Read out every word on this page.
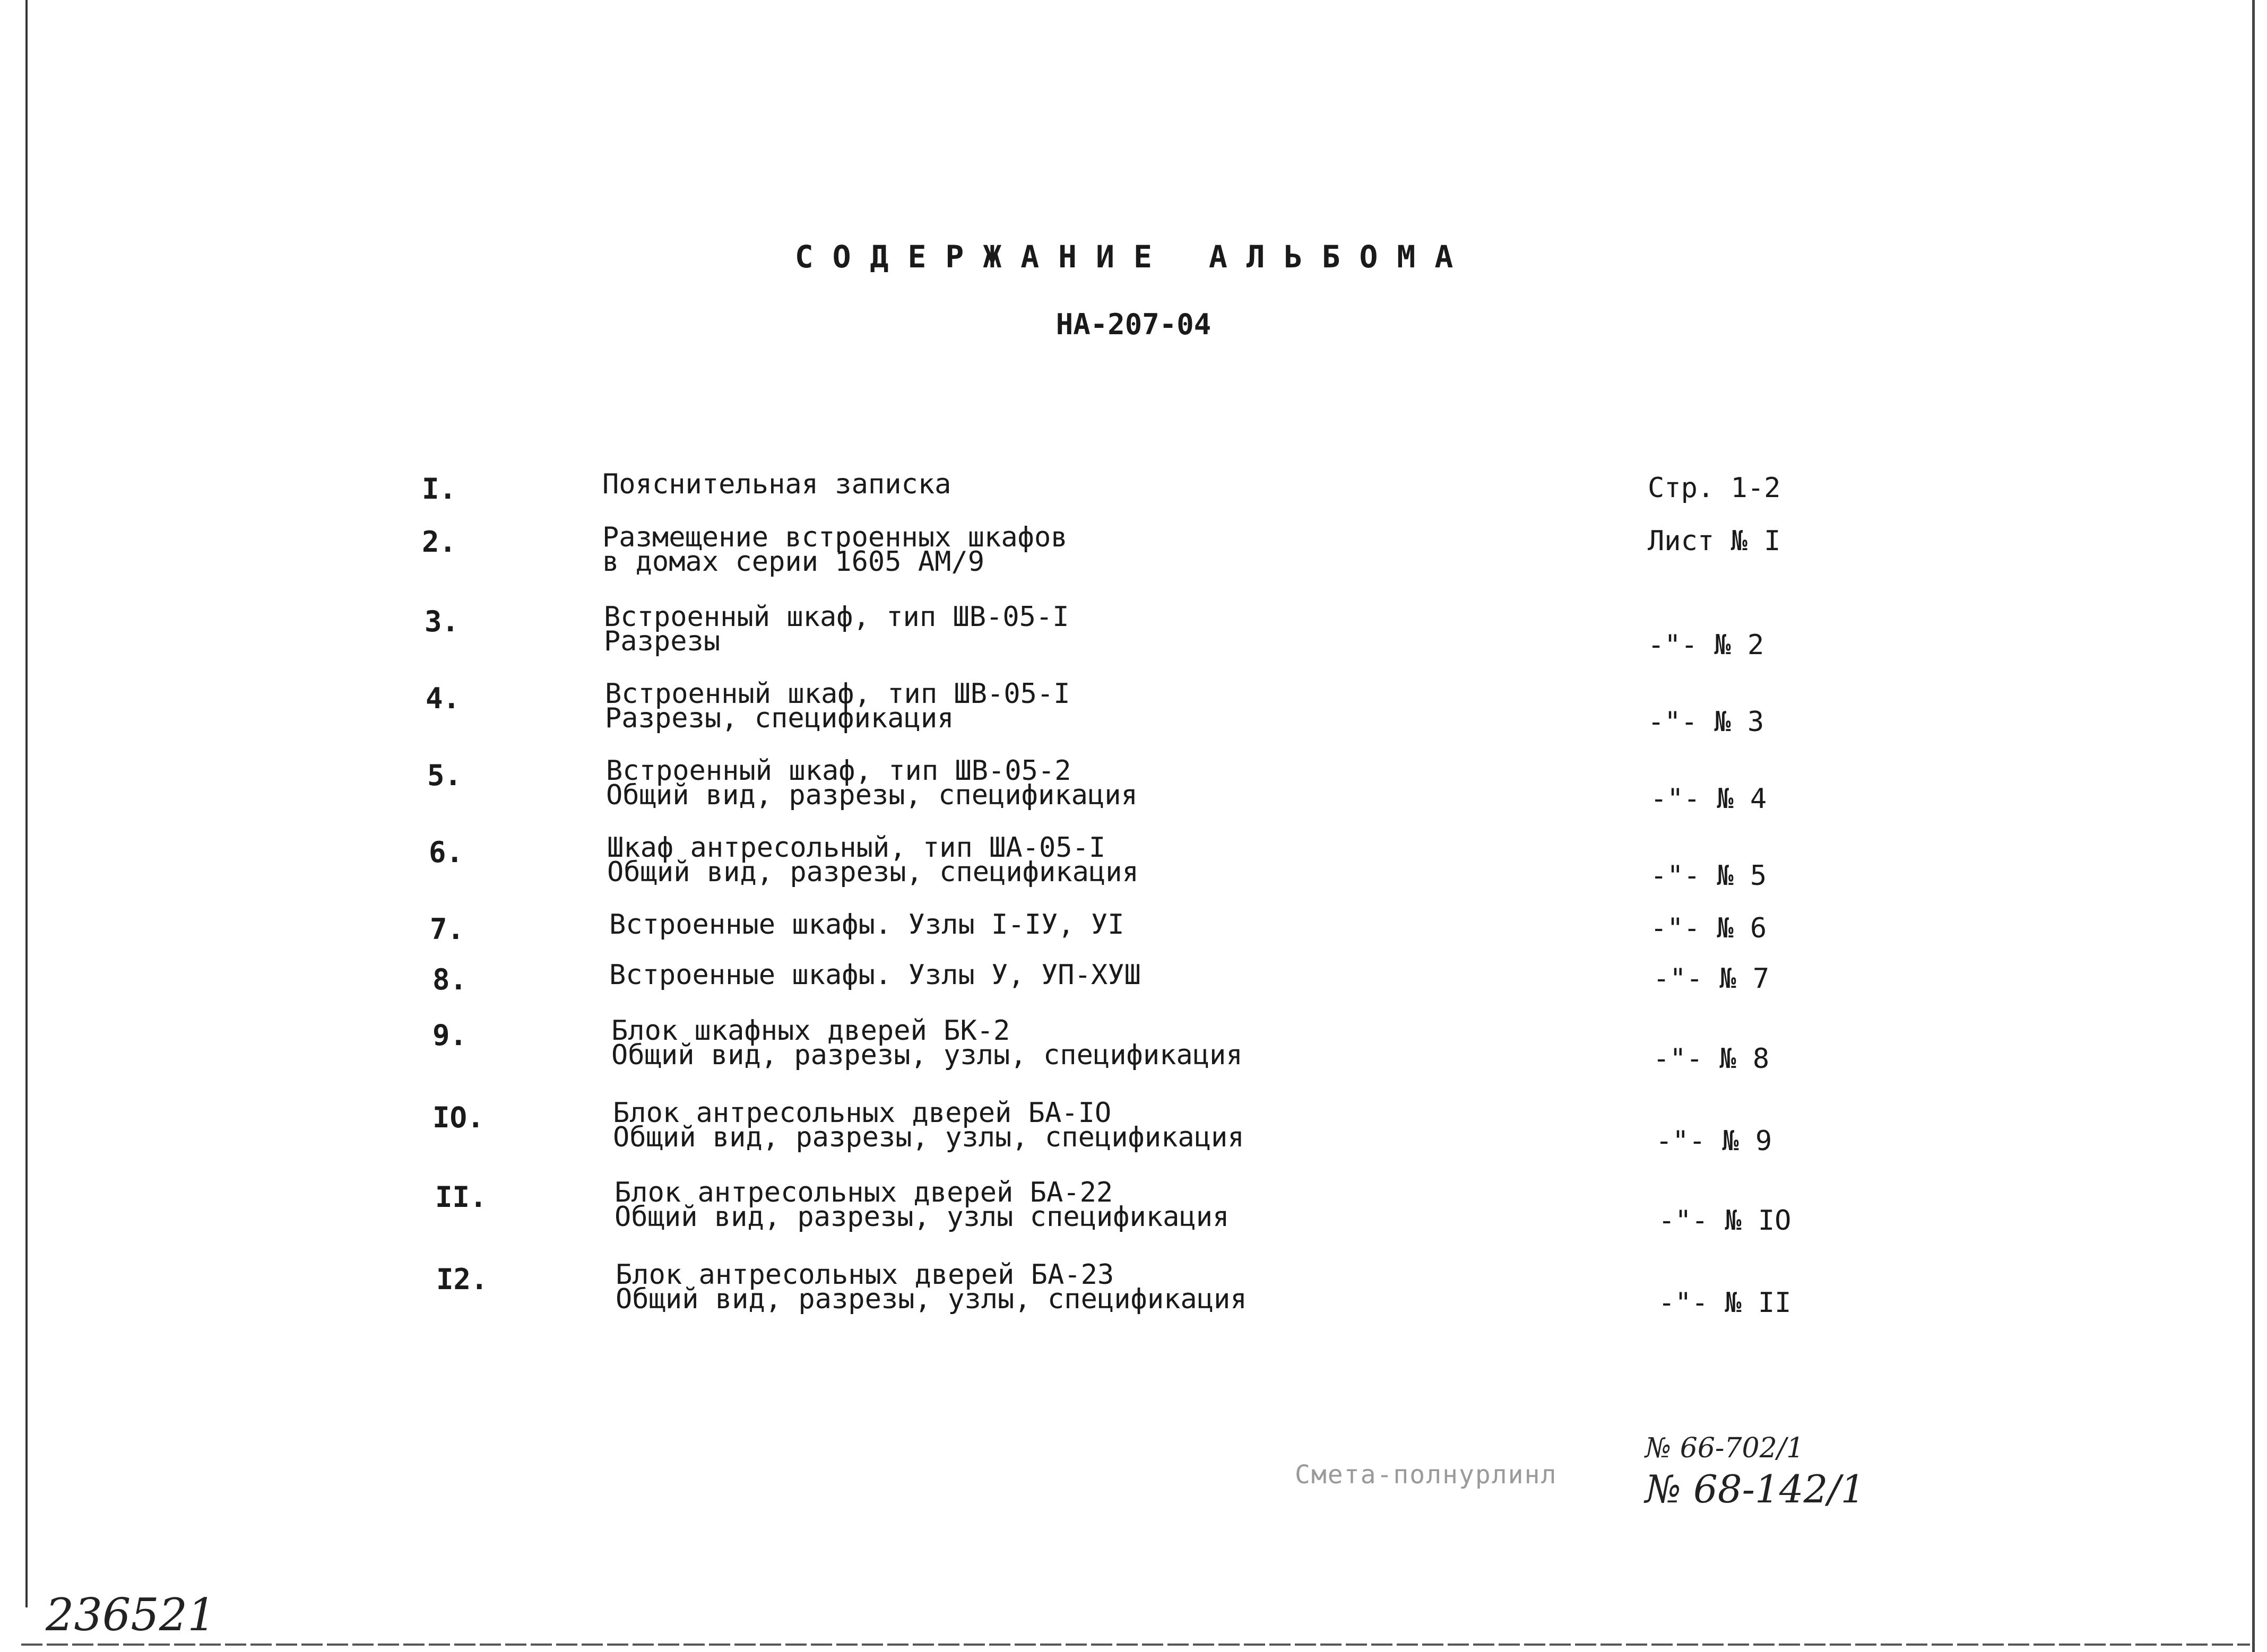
СОДЕРЖАНИЕ АЛЬБОМА
НА-207-04
I.	Пояснительная записка	Стр. 1-2
2.	Размещение встроенных шкафов
в домах серии 1605 АМ/9
Лист № I
3.	Встроенный шкаф, тип ШВ-05-I
Разрезы	-"- № 2
4.	Встроенный шкаф, тип ШВ-05-I
Разрезы, спецификация	-"- № 3
5.	Встроенный шкаф, тип ШВ-05-2
Общий вид, разрезы, спецификация	-"- № 4
6.	Шкаф антресольный, тип ША-05-I
Общий вид, разрезы, спецификация	-"- № 5
7.	Встроенные шкафы. Узлы I-IУ, УI	-"- № 6
8.	Встроенные шкафы. Узлы У, УП-ХУШ	-"- № 7
9.	Блок шкафных дверей БК-2
Общий вид, разрезы, узлы, спецификация	-"- № 8
IO.	Блок антресольных дверей БА-IO
Общий вид, разрезы, узлы, спецификация	-"- № 9
II.	Блок антресольных дверей БА-22
Общий вид, разрезы, узлы спецификация	-"- № IO
I2.	Блок антресольных дверей БА-23
Общий вид, разрезы, узлы, спецификация	-"- № II
Смета-полнурлинл
№ 66-702/1
№ 68-142/1
236521
